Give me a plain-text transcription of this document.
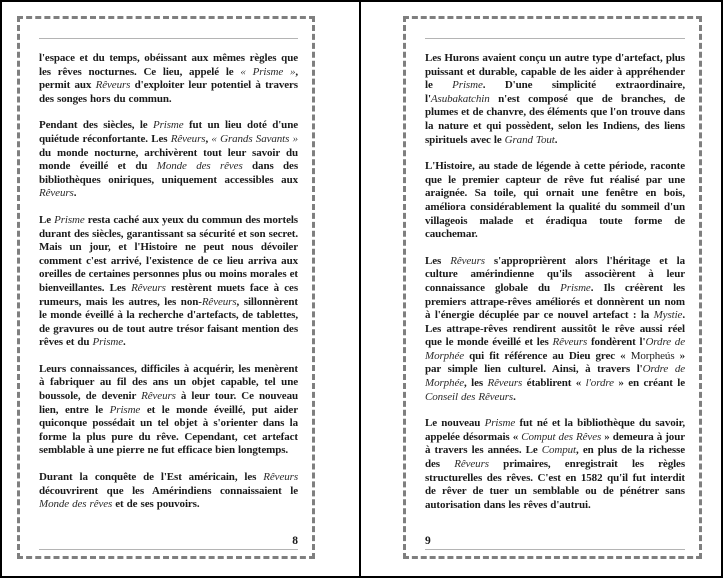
l'espace et du temps, obéissant aux mêmes règles que les rêves nocturnes. Ce lieu, appelé le « Prisme », permit aux Rêveurs d'exploiter leur potentiel à travers des songes hors du commun.

Pendant des siècles, le Prisme fut un lieu doté d'une quiétude réconfortante. Les Rêveurs, « Grands Savants » du monde nocturne, archivèrent tout leur savoir du monde éveillé et du Monde des rêves dans des bibliothèques oniriques, uniquement accessibles aux Rêveurs.

Le Prisme resta caché aux yeux du commun des mortels durant des siècles, garantissant sa sécurité et son secret. Mais un jour, et l'Histoire ne peut nous dévoiler comment c'est arrivé, l'existence de ce lieu arriva aux oreilles de certaines personnes plus ou moins morales et bienveillantes. Les Rêveurs restèrent muets face à ces rumeurs, mais les autres, les non-Rêveurs, sillonnèrent le monde éveillé à la recherche d'artefacts, de tablettes, de gravures ou de tout autre trésor faisant mention des rêves et du Prisme.

Leurs connaissances, difficiles à acquérir, les menèrent à fabriquer au fil des ans un objet capable, tel une boussole, de devenir Rêveurs à leur tour. Ce nouveau lien, entre le Prisme et le monde éveillé, put aider quiconque possédait un tel objet à s'orienter dans la forme la plus pure du rêve. Cependant, cet artefact semblable à une pierre ne fut efficace bien longtemps.

Durant la conquête de l'Est américain, les Rêveurs découvrirent que les Amérindiens connaissaient le Monde des rêves et de ses pouvoirs.

8

Les Hurons avaient conçu un autre type d'artefact, plus puissant et durable, capable de les aider à appréhender le Prisme. D'une simplicité extraordinaire, l'Asubakatchin n'est composé que de branches, de plumes et de chanvre, des éléments que l'on trouve dans la nature et qui possèdent, selon les Indiens, des liens spirituels avec le Grand Tout.

L'Histoire, au stade de légende à cette période, raconte que le premier capteur de rêve fut réalisé par une araignée. Sa toile, qui ornait une fenêtre en bois, améliora considérablement la qualité du sommeil d'un villageois malade et éradiqua toute forme de cauchemar.

Les Rêveurs s'approprièrent alors l'héritage et la culture amérindienne qu'ils associèrent à leur connaissance globale du Prisme. Ils créèrent les premiers attrape-rêves améliorés et donnèrent un nom à l'énergie décuplée par ce nouvel artefact : la Mystie. Les attrape-rêves rendirent aussitôt le rêve aussi réel que le monde éveillé et les Rêveurs fondèrent l'Ordre de Morphée qui fit référence au Dieu grec « Morpheús » par simple lien culturel. Ainsi, à travers l'Ordre de Morphée, les Rêveurs établirent « l'ordre » en créant le Conseil des Rêveurs.

Le nouveau Prisme fut né et la bibliothèque du savoir, appelée désormais « Comput des Rêves » demeura à jour à travers les années. Le Comput, en plus de la richesse des Rêveurs primaires, enregistrait les règles structurelles des rêves. C'est en 1582 qu'il fut interdit de rêver de tuer un semblable ou de pénétrer sans autorisation dans les rêves d'autrui.

9
